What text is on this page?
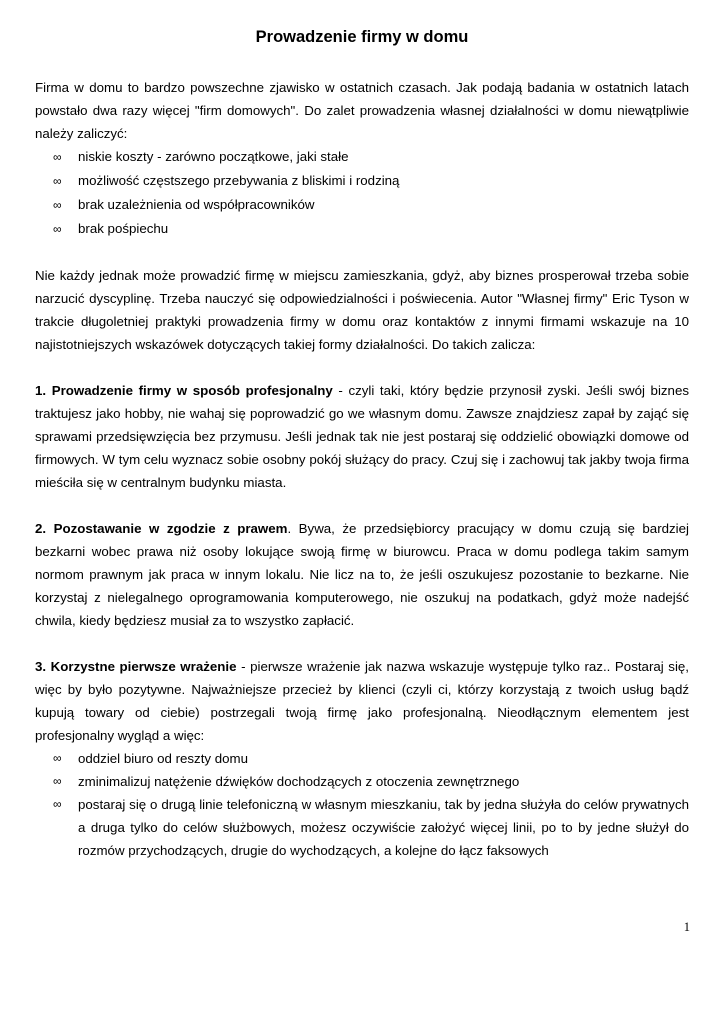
Prowadzenie firmy w domu

Firma w domu to bardzo powszechne zjawisko w ostatnich czasach. Jak podają badania w ostatnich latach powstało dwa razy więcej "firm domowych". Do zalet prowadzenia własnej działalności w domu niewątpliwie należy zaliczyć:

∞ niskie koszty - zarówno początkowe, jaki stałe
∞ możliwość częstszego przebywania z bliskimi i rodziną
∞ brak uzależnienia od współpracowników
∞ brak pośpiechu

Nie każdy jednak może prowadzić firmę w miejscu zamieszkania, gdyż, aby biznes prosperował trzeba sobie narzucić dyscyplinę. Trzeba nauczyć się odpowiedzialności i poświecenia. Autor "Własnej firmy" Eric Tyson w trakcie długoletniej praktyki prowadzenia firmy w domu oraz kontaktów z innymi firmami wskazuje na 10 najistotniejszych wskazówek dotyczących takiej formy działalności. Do takich zalicza:

1. Prowadzenie firmy w sposób profesjonalny - czyli taki, który będzie przynosił zyski. Jeśli swój biznes traktujesz jako hobby, nie wahaj się poprowadzić go we własnym domu. Zawsze znajdziesz zapał by zająć się sprawami przedsięwzięcia bez przymusu. Jeśli jednak tak nie jest postaraj się oddzielić obowiązki domowe od firmowych. W tym celu wyznacz sobie osobny pokój służący do pracy. Czuj się i zachowuj tak jakby twoja firma mieściła się w centralnym budynku miasta.

2. Pozostawanie w zgodzie z prawem. Bywa, że przedsiębiorcy pracujący w domu czują się bardziej bezkarni wobec prawa niż osoby lokujące swoją firmę w biurowcu. Praca w domu podlega takim samym normom prawnym jak praca w innym lokalu. Nie licz na to, że jeśli oszukujesz pozostanie to bezkarne. Nie korzystaj z nielegalnego oprogramowania komputerowego, nie oszukuj na podatkach, gdyż może nadejść chwila, kiedy będziesz musiał za to wszystko zapłacić.

3. Korzystne pierwsze wrażenie - pierwsze wrażenie jak nazwa wskazuje występuje tylko raz.. Postaraj się, więc by było pozytywne. Najważniejsze przecież by klienci (czyli ci, którzy korzystają z twoich usług bądź kupują towary od ciebie) postrzegali twoją firmę jako profesjonalną. Nieodłącznym elementem jest profesjonalny wygląd a więc:

∞ oddziel biuro od reszty domu
∞ zminimalizuj natężenie dźwięków dochodzących z otoczenia zewnętrznego
∞ postaraj się o drugą linie telefoniczną w własnym mieszkaniu, tak by jedna służyła do celów prywatnych a druga tylko do celów służbowych, możesz oczywiście założyć więcej linii, po to by jedne służył do rozmów przychodzących, drugie do wychodzących, a kolejne do łącz faksowych
1
